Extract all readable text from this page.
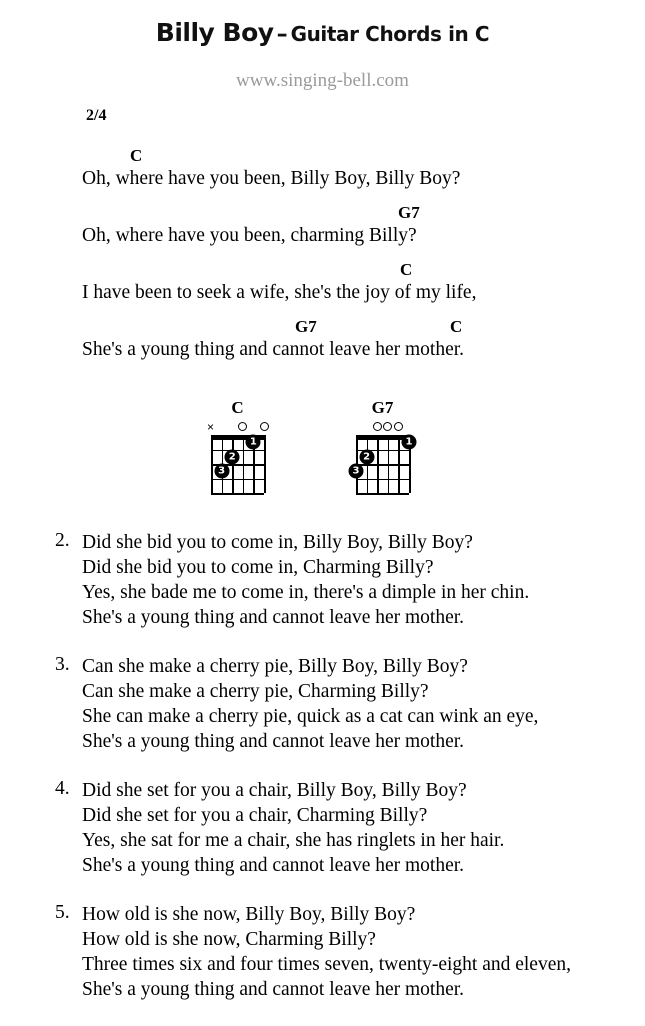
Billy Boy – Guitar Chords in C
www.singing-bell.com
2/4
C
Oh, where have you been, Billy Boy, Billy Boy?
G7
Oh, where have you been, charming Billy?
C
I have been to seek a wife, she's the joy of my life,
G7	C
She's a young thing and cannot leave her mother.
C
×
1
2
3
G7
1
2
3
2. Did she bid you to come in, Billy Boy, Billy Boy?
Did she bid you to come in, Charming Billy?
Yes, she bade me to come in, there's a dimple in her chin.
She's a young thing and cannot leave her mother.
3. Can she make a cherry pie, Billy Boy, Billy Boy?
Can she make a cherry pie, Charming Billy?
She can make a cherry pie, quick as a cat can wink an eye,
She's a young thing and cannot leave her mother.
4. Did she set for you a chair, Billy Boy, Billy Boy?
Did she set for you a chair, Charming Billy?
Yes, she sat for me a chair, she has ringlets in her hair.
She's a young thing and cannot leave her mother.
5. How old is she now, Billy Boy, Billy Boy?
How old is she now, Charming Billy?
Three times six and four times seven, twenty-eight and eleven,
She's a young thing and cannot leave her mother.
